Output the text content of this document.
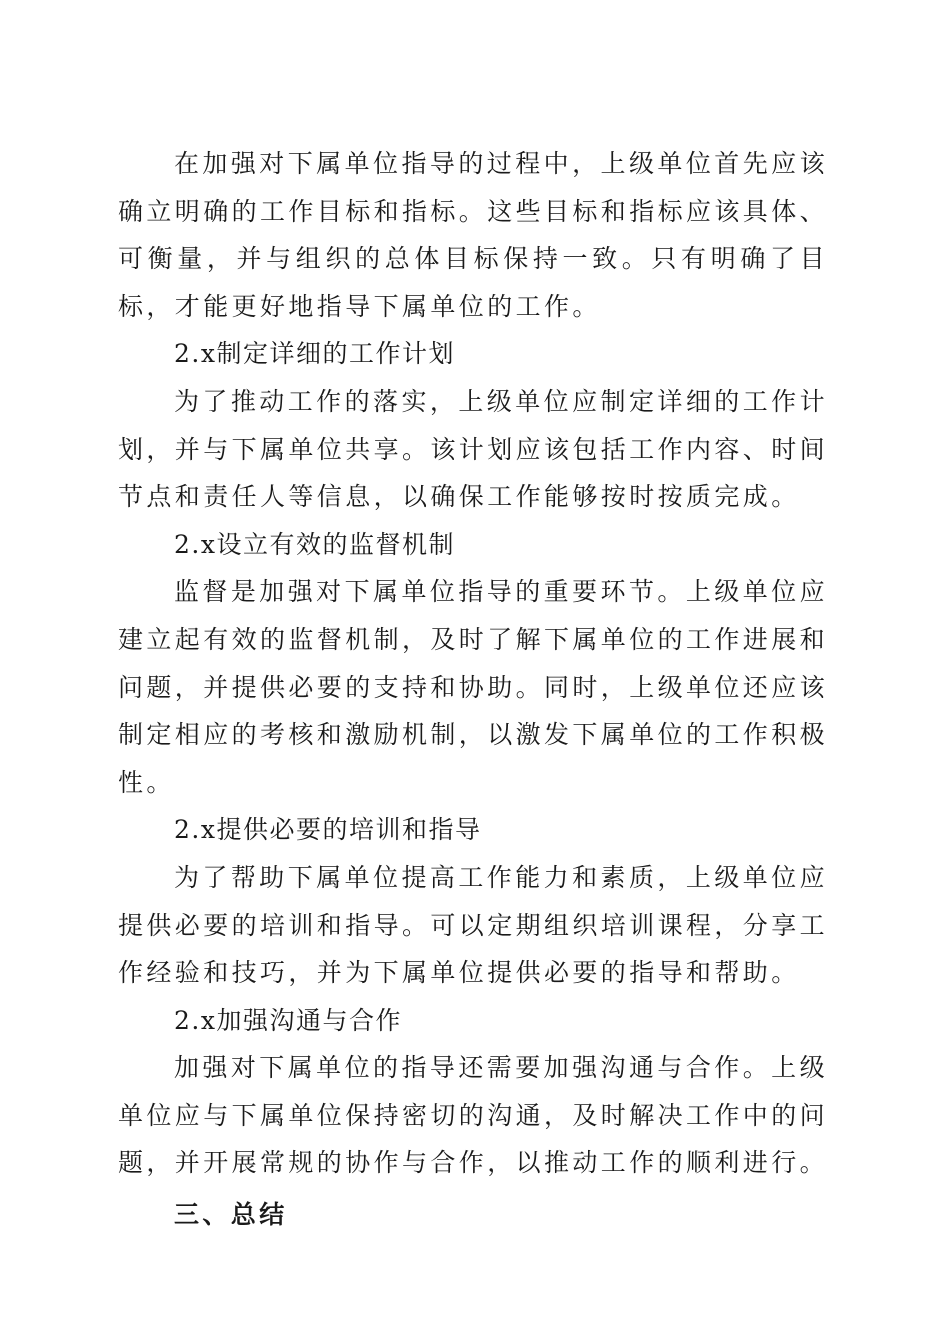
在加强对下属单位指导的过程中，上级单位首先应该确立明确的工作目标和指标。这些目标和指标应该具体、可衡量，并与组织的总体目标保持一致。只有明确了目标，才能更好地指导下属单位的工作。

2.x制定详细的工作计划

为了推动工作的落实，上级单位应制定详细的工作计划，并与下属单位共享。该计划应该包括工作内容、时间节点和责任人等信息，以确保工作能够按时按质完成。

2.x设立有效的监督机制

监督是加强对下属单位指导的重要环节。上级单位应建立起有效的监督机制，及时了解下属单位的工作进展和问题，并提供必要的支持和协助。同时，上级单位还应该制定相应的考核和激励机制，以激发下属单位的工作积极性。

2.x提供必要的培训和指导

为了帮助下属单位提高工作能力和素质，上级单位应提供必要的培训和指导。可以定期组织培训课程，分享工作经验和技巧，并为下属单位提供必要的指导和帮助。

2.x加强沟通与合作

加强对下属单位的指导还需要加强沟通与合作。上级单位应与下属单位保持密切的沟通，及时解决工作中的问题，并开展常规的协作与合作，以推动工作的顺利进行。

三、总结
